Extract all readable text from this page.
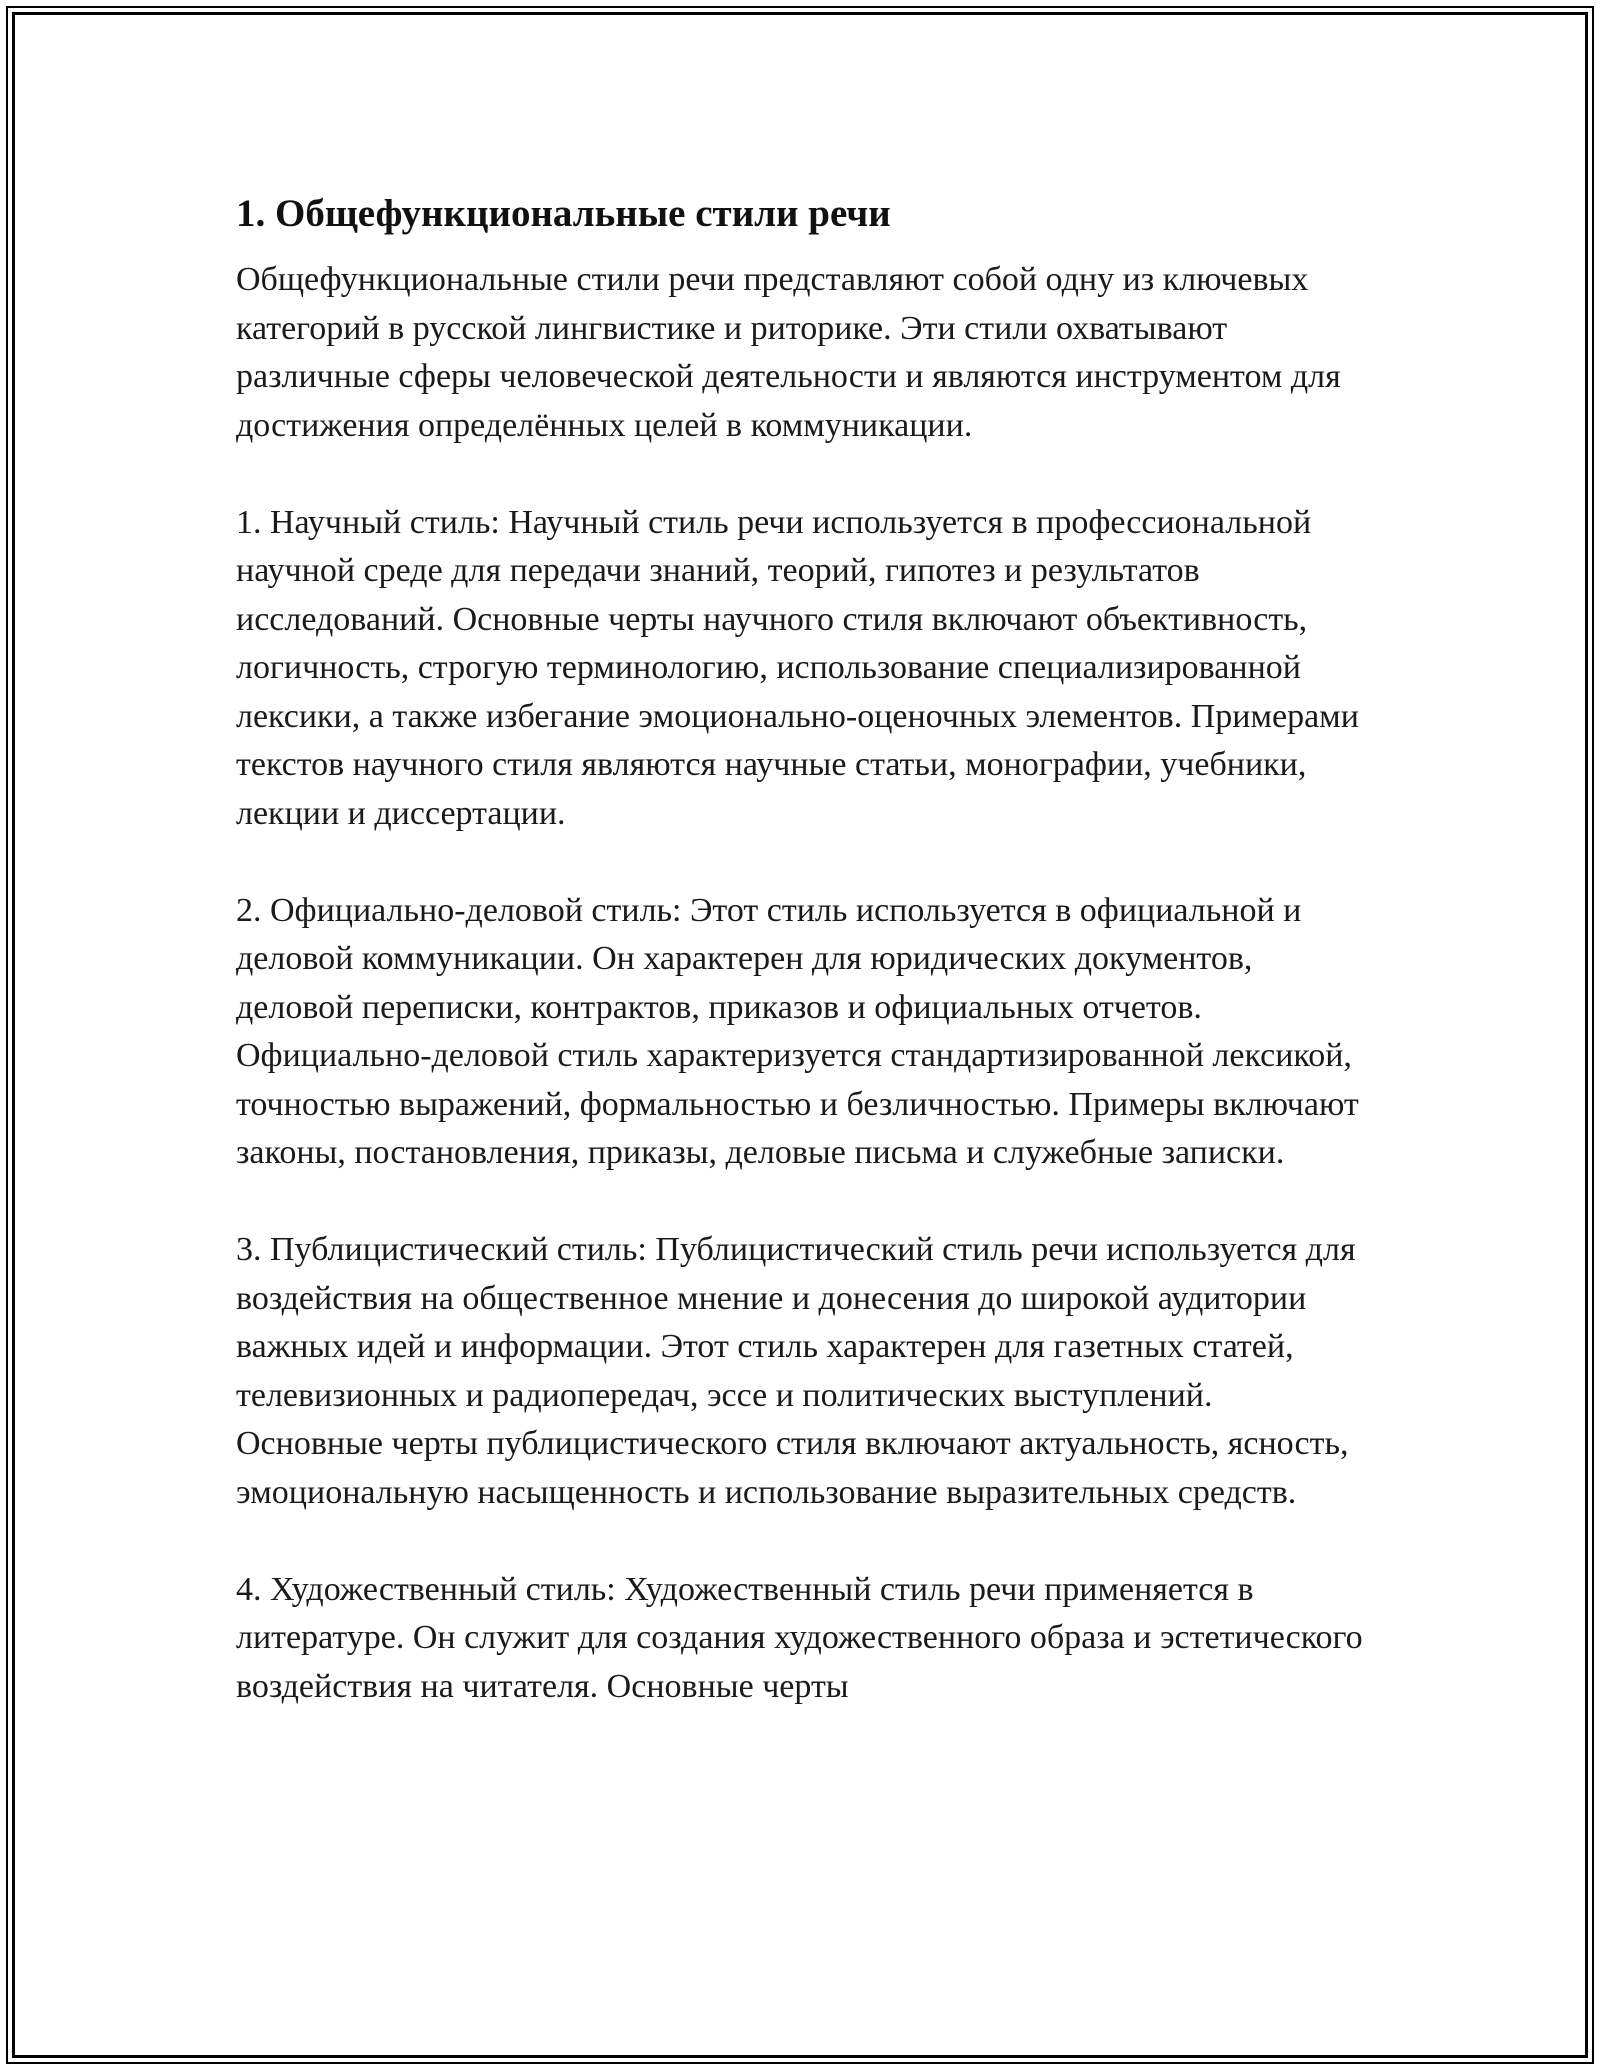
1. Общефункциональные стили речи

Общефункциональные стили речи представляют собой одну из ключевых категорий в русской лингвистике и риторике. Эти стили охватывают различные сферы человеческой деятельности и являются инструментом для достижения определённых целей в коммуникации.

1. Научный стиль: Научный стиль речи используется в профессиональной научной среде для передачи знаний, теорий, гипотез и результатов исследований. Основные черты научного стиля включают объективность, логичность, строгую терминологию, использование специализированной лексики, а также избегание эмоционально-оценочных элементов. Примерами текстов научного стиля являются научные статьи, монографии, учебники, лекции и диссертации.

2. Официально-деловой стиль: Этот стиль используется в официальной и деловой коммуникации. Он характерен для юридических документов, деловой переписки, контрактов, приказов и официальных отчетов. Официально-деловой стиль характеризуется стандартизированной лексикой, точностью выражений, формальностью и безличностью. Примеры включают законы, постановления, приказы, деловые письма и служебные записки.

3. Публицистический стиль: Публицистический стиль речи используется для воздействия на общественное мнение и донесения до широкой аудитории важных идей и информации. Этот стиль характерен для газетных статей, телевизионных и радиопередач, эссе и политических выступлений. Основные черты публицистического стиля включают актуальность, ясность, эмоциональную насыщенность и использование выразительных средств.

4. Художественный стиль: Художественный стиль речи применяется в литературе. Он служит для создания художественного образа и эстетического воздействия на читателя. Основные черты
